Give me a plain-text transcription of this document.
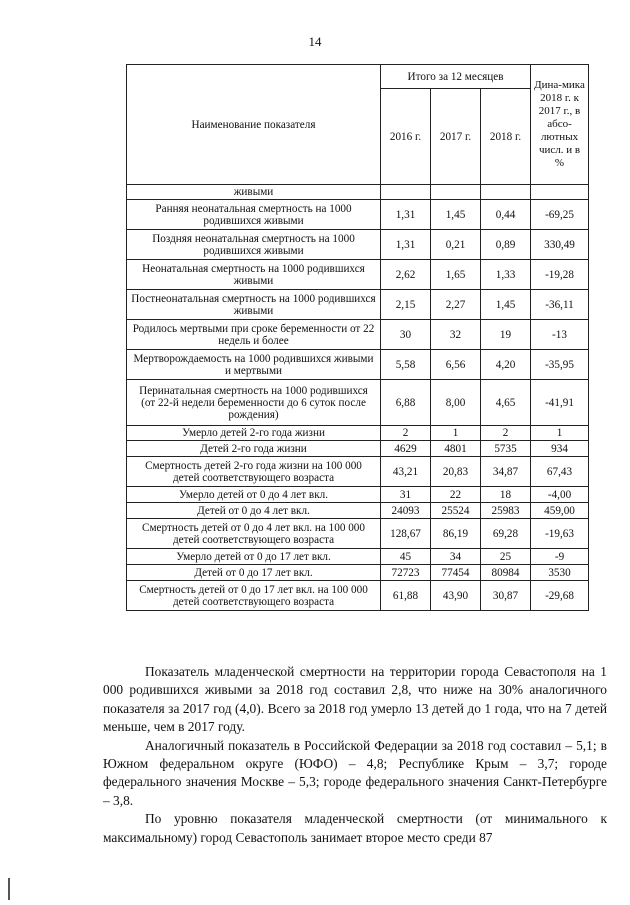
14
Наименование показателя	Итого за 12 месяцев			Дина-мика 2018 г. к 2017 г., в абсо-лютных числ. и в %
	2016 г.	2017 г.	2018 г.	
живыми				
Ранняя неонатальная смертность на 1000 родившихся живыми	1,31	1,45	0,44	-69,25
Поздняя неонатальная смертность на 1000 родившихся живыми	1,31	0,21	0,89	330,49
Неонатальная смертность на 1000 родившихся живыми	2,62	1,65	1,33	-19,28
Постнеонатальная смертность на 1000 родившихся живыми	2,15	2,27	1,45	-36,11
Родилось мертвыми при сроке беременности от 22 недель и более	30	32	19	-13
Мертворождаемость на 1000 родившихся живыми и мертвыми	5,58	6,56	4,20	-35,95
Перинатальная смертность на 1000 родившихся (от 22-й недели беременности до 6 суток после рождения)	6,88	8,00	4,65	-41,91
Умерло детей 2-го года жизни	2	1	2	1
Детей 2-го года жизни	4629	4801	5735	934
Смертность детей 2-го года жизни на 100 000 детей соответствующего возраста	43,21	20,83	34,87	67,43
Умерло детей от 0 до 4 лет вкл.	31	22	18	-4,00
Детей от 0 до 4 лет вкл.	24093	25524	25983	459,00
Смертность детей от 0 до 4 лет вкл. на 100 000 детей соответствующего возраста	128,67	86,19	69,28	-19,63
Умерло детей от 0 до 17 лет вкл.	45	34	25	-9
Детей от 0 до 17 лет вкл.	72723	77454	80984	3530
Смертность детей от 0 до 17 лет вкл. на 100 000 детей соответствующего возраста	61,88	43,90	30,87	-29,68

Показатель младенческой смертности на территории города Севастополя на 1 000 родившихся живыми за 2018 год составил 2,8, что ниже на 30% аналогичного показателя за 2017 год (4,0). Всего за 2018 год умерло 13 детей до 1 года, что на 7 детей меньше, чем в 2017 году.

Аналогичный показатель в Российской Федерации за 2018 год составил – 5,1; в Южном федеральном округе (ЮФО) – 4,8; Республике Крым – 3,7; городе федерального значения Москве – 5,3; городе федерального значения Санкт-Петербурге – 3,8.

По уровню показателя младенческой смертности (от минимального к максимальному) город Севастополь занимает второе место среди 87
